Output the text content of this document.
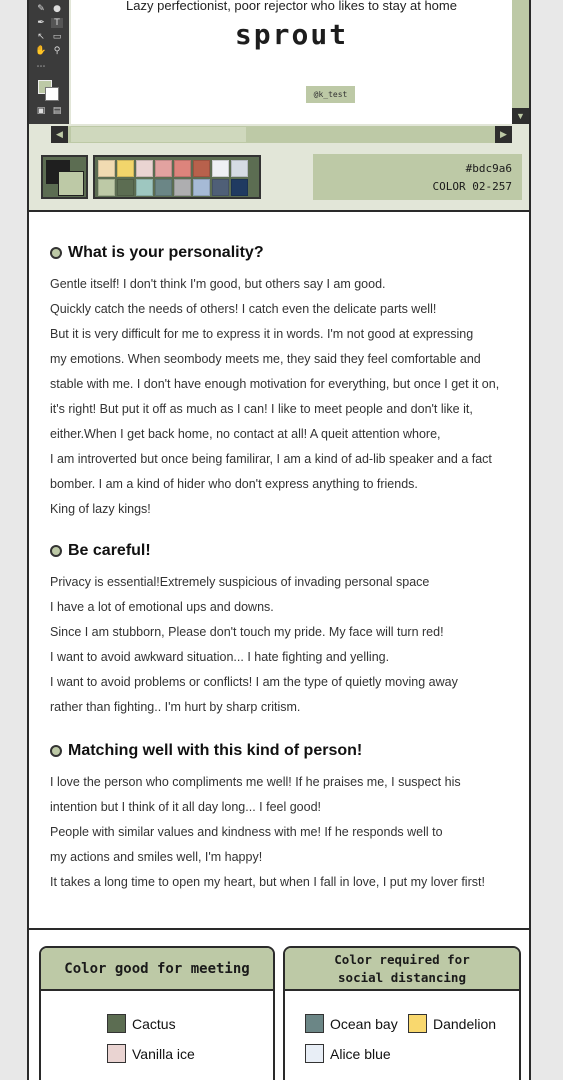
✎ ●
✒	T
↖ ▭
✋ ⚲
⋯
▣ ▤
Lazy perfectionist, poor rejector who likes to stay at home
sprout
@k_test
▼
◀	▶
#bdc9a6
COLOR 02-257
What is your personality?
Gentle itself! I don't think I'm good, but others say I am good.
Quickly catch the needs of others! I catch even the delicate parts well!
But it is very difficult for me to express it in words. I'm not good at expressing
my emotions. When seombody meets me, they said they feel comfortable and
stable with me. I don't have enough motivation for everything, but once I get it on,
it's right! But put it off as much as I can! I like to meet people and don't like it,
either.When I get back home, no contact at all! A queit attention whore,
I am introverted but once being familirar, I am a kind of ad-lib speaker and a fact
bomber. I am a kind of hider who don't express anything to friends.
King of lazy kings!
Be careful!
Privacy is essential!Extremely suspicious of invading personal space
I have a lot of emotional ups and downs.
Since I am stubborn, Please don't touch my pride. My face will turn red!
I want to avoid awkward situation... I hate fighting and yelling.
I want to avoid problems or conflicts! I am the type of quietly moving away
rather than fighting.. I'm hurt by sharp critism.
Matching well with this kind of person!
I love the person who compliments me well! If he praises me, I suspect his
intention but I think of it all day long... I feel good!
People with similar values and kindness with me! If he responds well to
my actions and smiles well, I'm happy!
It takes a long time to open my heart, but when I fall in love, I put my lover first!
Color good for meeting
Cactus
Vanilla ice
Color required for
social distancing
Ocean bay	Dandelion
Alice blue
